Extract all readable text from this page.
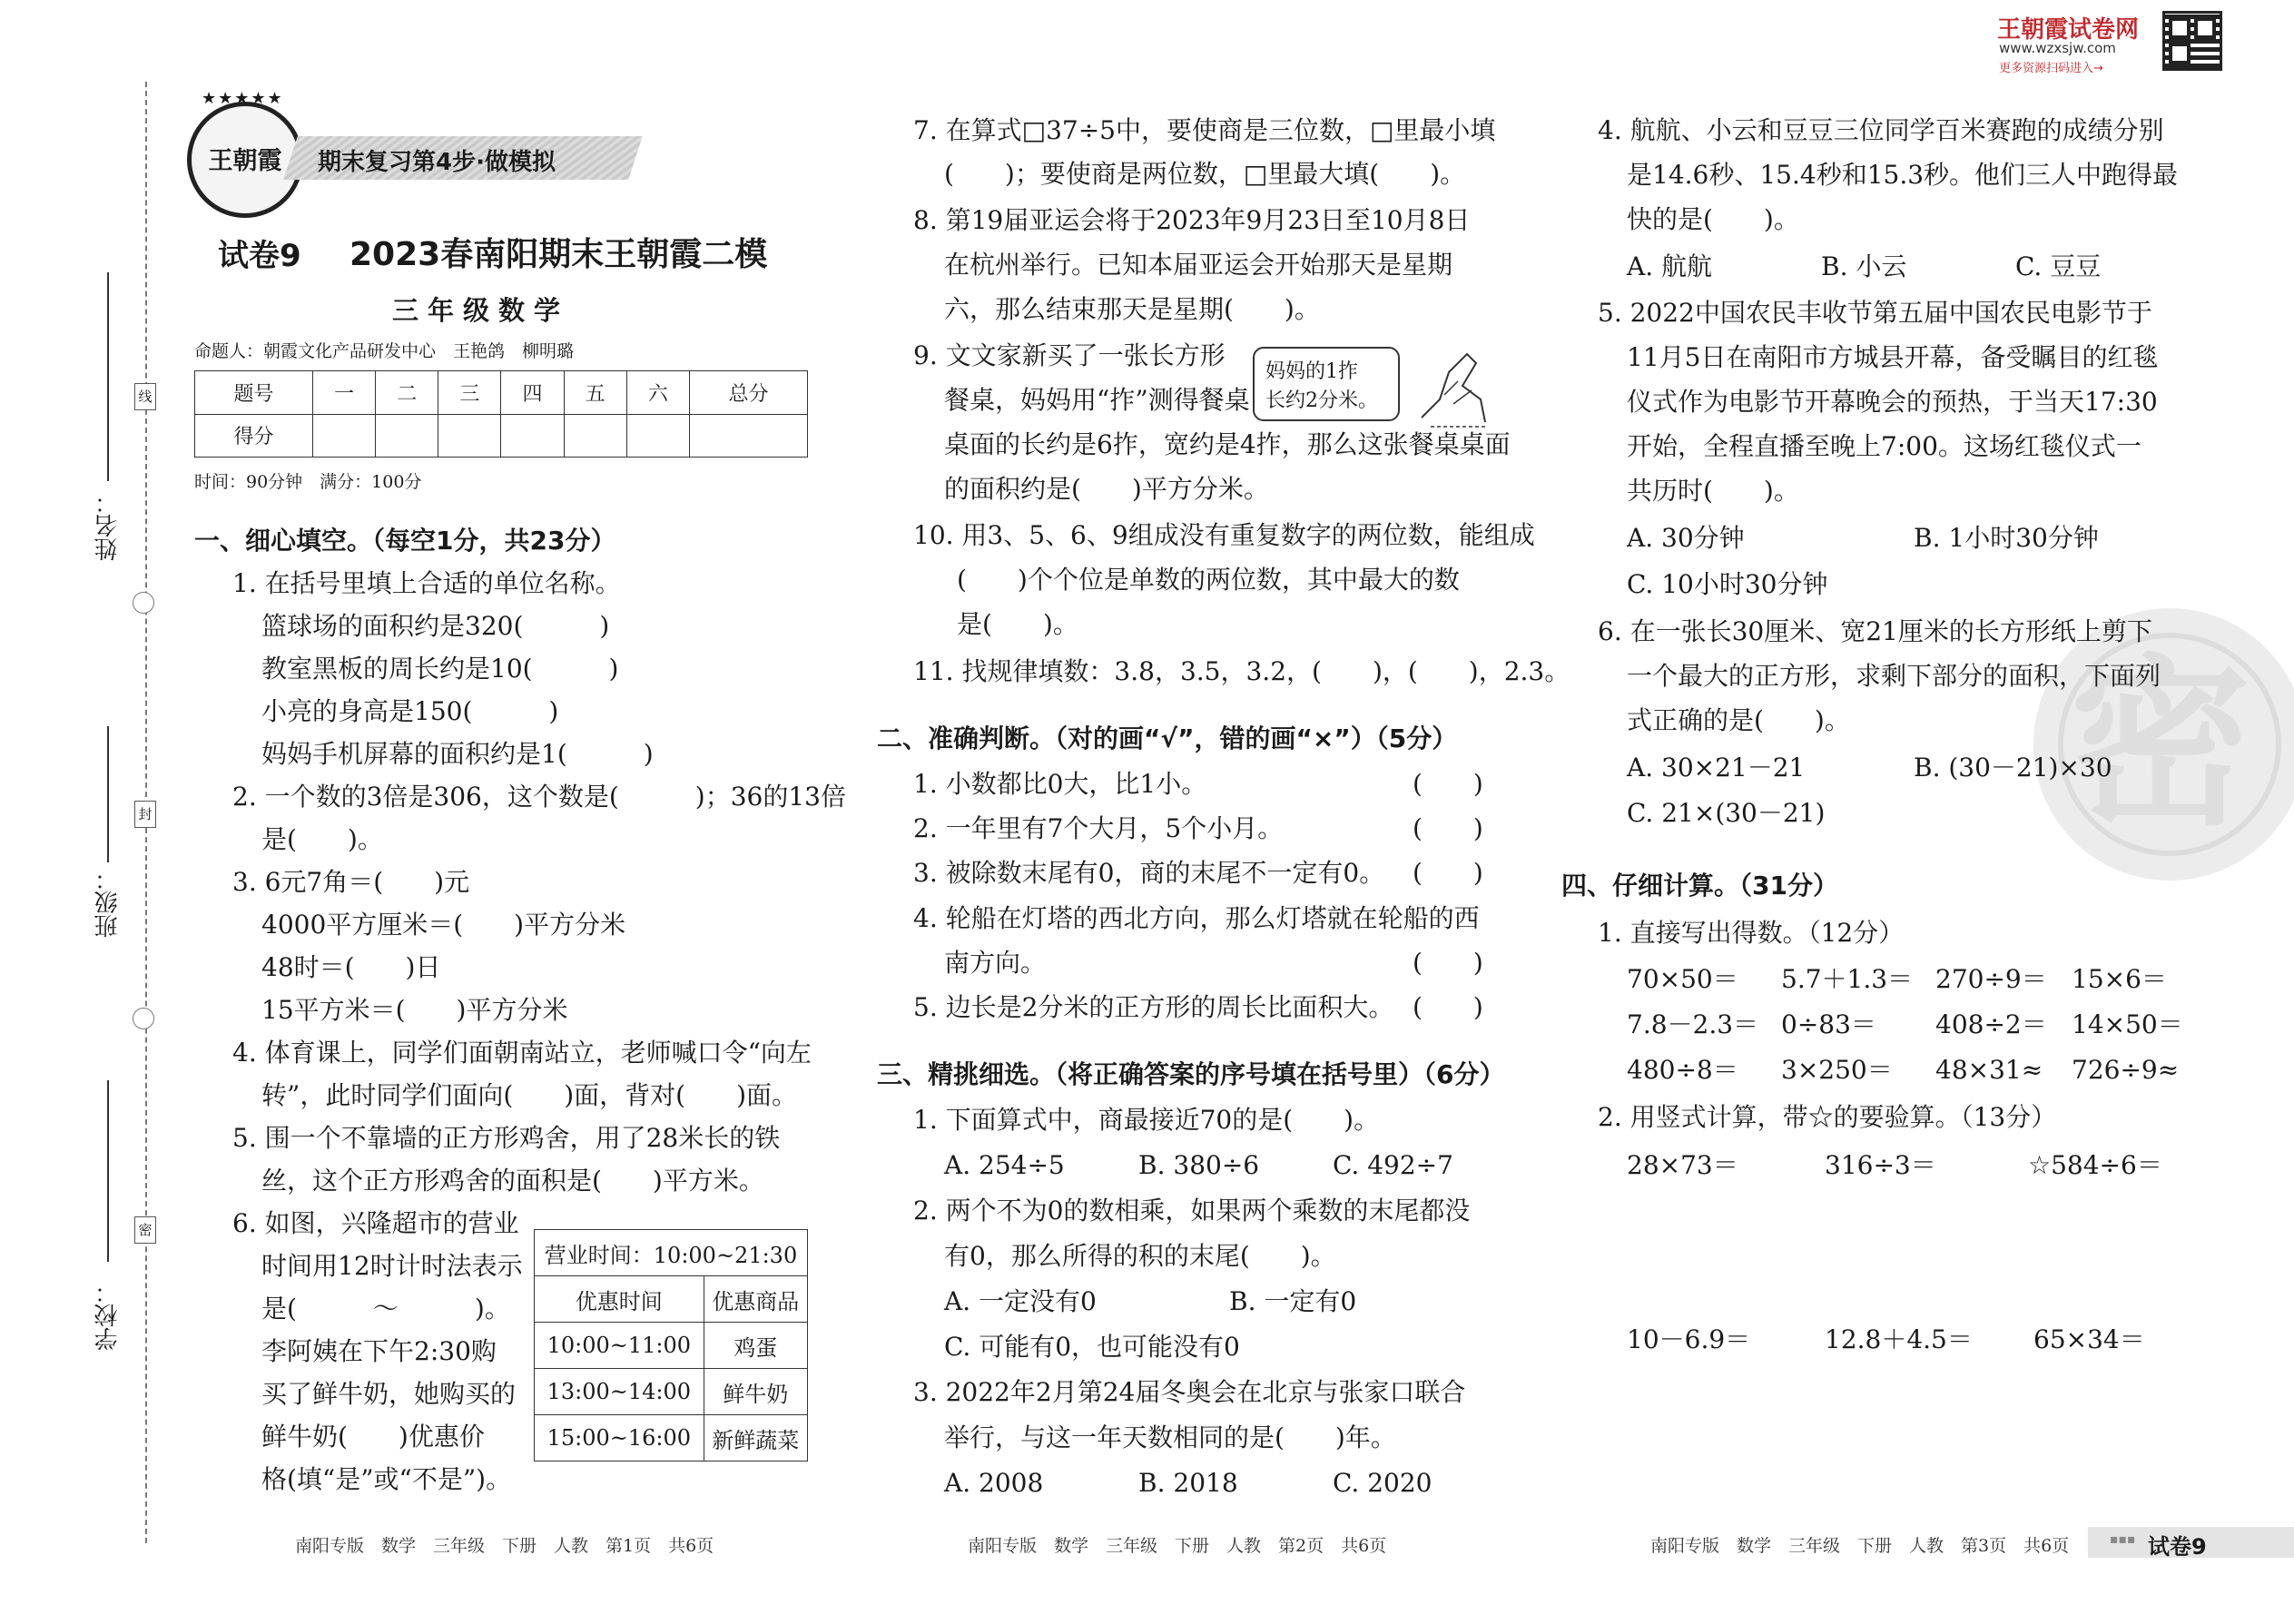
线
封
密
姓名：
班级：
学校：
王朝霞
★★★★★
期末复习第4步·做模拟
试卷9 2023春南阳期末王朝霞二模
三年级数学
命题人：朝霞文化产品研发中心　王艳鸽　柳明璐
题号	一	二	三	四	五	六	总分
得分							
时间：90分钟　满分：100分
一、细心填空。（每空1分，共23分）
1. 在括号里填上合适的单位名称。
篮球场的面积约是320(　　　)
教室黑板的周长约是10(　　　)
小亮的身高是150(　　　)
妈妈手机屏幕的面积约是1(　　　)
2. 一个数的3倍是306，这个数是(　　　)；36的13倍
是(　　)。
3. 6元7角＝(　　)元
4000平方厘米＝(　　)平方分米
48时＝(　　)日
15平方米＝(　　)平方分米
4. 体育课上，同学们面朝南站立，老师喊口令“向左
转”，此时同学们面向(　　)面，背对(　　)面。
5. 围一个不靠墙的正方形鸡舍，用了28米长的铁
丝，这个正方形鸡舍的面积是(　　)平方米。
6. 如图，兴隆超市的营业
时间用12时计时法表示
是(　　　～　　　)。
李阿姨在下午2:30购
买了鲜牛奶，她购买的
鲜牛奶(　　)优惠价
格(填“是”或“不是”)。
营业时间：10:00~21:30	
优惠时间	优惠商品
10:00~11:00	鸡蛋
13:00~14:00	鲜牛奶
15:00~16:00	新鲜蔬菜
南阳专版　数学　三年级　下册　人教　第1页　共6页
7. 在算式□37÷5中，要使商是三位数，□里最小填
(　　)；要使商是两位数，□里最大填(　　)。
8. 第19届亚运会将于2023年9月23日至10月8日
在杭州举行。已知本届亚运会开始那天是星期
六，那么结束那天是星期(　　)。
9. 文文家新买了一张长方形
餐桌，妈妈用“拃”测得餐桌
桌面的长约是6拃，宽约是4拃，那么这张餐桌桌面
的面积约是(　　)平方分米。
妈妈的1拃
长约2分米。
10. 用3、5、6、9组成没有重复数字的两位数，能组成
(　　)个个位是单数的两位数，其中最大的数
是(　　)。
11. 找规律填数：3.8，3.5，3.2，(　　)，(　　)，2.3。
二、准确判断。（对的画“√”，错的画“×”）（5分）
1. 小数都比0大，比1小。	(　　)
2. 一年里有7个大月，5个小月。	(　　)
3. 被除数末尾有0，商的末尾不一定有0。 (　　)
4. 轮船在灯塔的西北方向，那么灯塔就在轮船的西
南方向。	(　　)
5. 边长是2分米的正方形的周长比面积大。 (　　)
三、精挑细选。（将正确答案的序号填在括号里）（6分）
1. 下面算式中，商最接近70的是(　　)。
A. 254÷5	B. 380÷6	C. 492÷7
2. 两个不为0的数相乘，如果两个乘数的末尾都没
有0，那么所得的积的末尾(　　)。
A. 一定没有0	B. 一定有0
C. 可能有0，也可能没有0
3. 2022年2月第24届冬奥会在北京与张家口联合
举行，与这一年天数相同的是(　　)年。
A. 2008	B. 2018	C. 2020
南阳专版　数学　三年级　下册　人教　第2页　共6页
王朝霞试卷网
www.wzxsjw.com
更多资源扫码进入→
密
4. 航航、小云和豆豆三位同学百米赛跑的成绩分别
是14.6秒、15.4秒和15.3秒。他们三人中跑得最
快的是(　　)。
A. 航航	B. 小云	C. 豆豆
5. 2022中国农民丰收节第五届中国农民电影节于
11月5日在南阳市方城县开幕，备受瞩目的红毯
仪式作为电影节开幕晚会的预热，于当天17:30
开始，全程直播至晚上7:00。这场红毯仪式一
共历时(　　)。
A. 30分钟	B. 1小时30分钟
C. 10小时30分钟
6. 在一张长30厘米、宽21厘米的长方形纸上剪下
一个最大的正方形，求剩下部分的面积，下面列
式正确的是(　　)。
A. 30×21－21	B. (30－21)×30
C. 21×(30－21)
四、仔细计算。（31分）
1. 直接写出得数。（12分）
70×50＝ 5.7＋1.3＝ 270÷9＝ 15×6＝
7.8－2.3＝ 0÷83＝ 408÷2＝ 14×50＝
480÷8＝ 3×250＝ 48×31≈ 726÷9≈
2. 用竖式计算，带☆的要验算。（13分）
28×73＝	316÷3＝	☆584÷6＝
10－6.9＝	12.8＋4.5＝ 65×34＝
南阳专版　数学　三年级　下册　人教　第3页　共6页	▪▪▪ 试卷9
